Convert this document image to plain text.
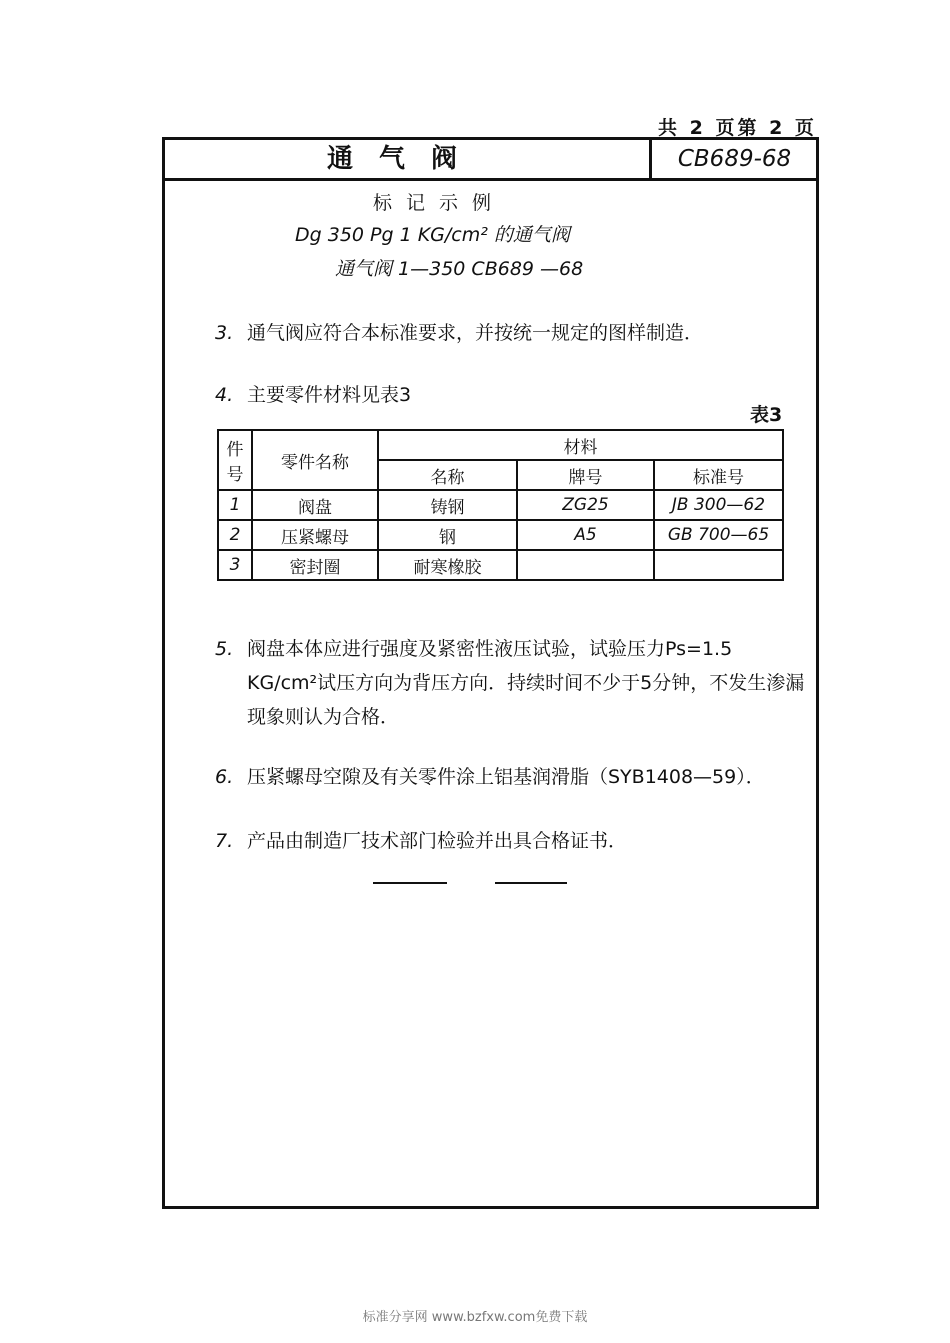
共 2 页第 2 页
通气阀	CB689-68
标记示例
Dg 350 Pg 1 KG/cm² 的通气阀
通气阀 1—350 CB689 —68
3. 通气阀应符合本标准要求，并按统一规定的图样制造．
4. 主要零件材料见表3
表3
件号	零件名称	材料		
		名称	牌号	标准号
1	阀盘	铸钢	ZG25	JB 300—62
2	压紧螺母	钢	A5	GB 700—65
3	密封圈	耐寒橡胶		
5. 阀盘本体应进行强度及紧密性液压试验，试验压力Ps=1.5 KG/cm²试压方向为背压方向．持续时间不少于5分钟，不发生渗漏现象则认为合格．
6. 压紧螺母空隙及有关零件涂上铝基润滑脂（SYB1408—59）．
7. 产品由制造厂技术部门检验并出具合格证书．
标准分享网 www.bzfxw.com免费下载
